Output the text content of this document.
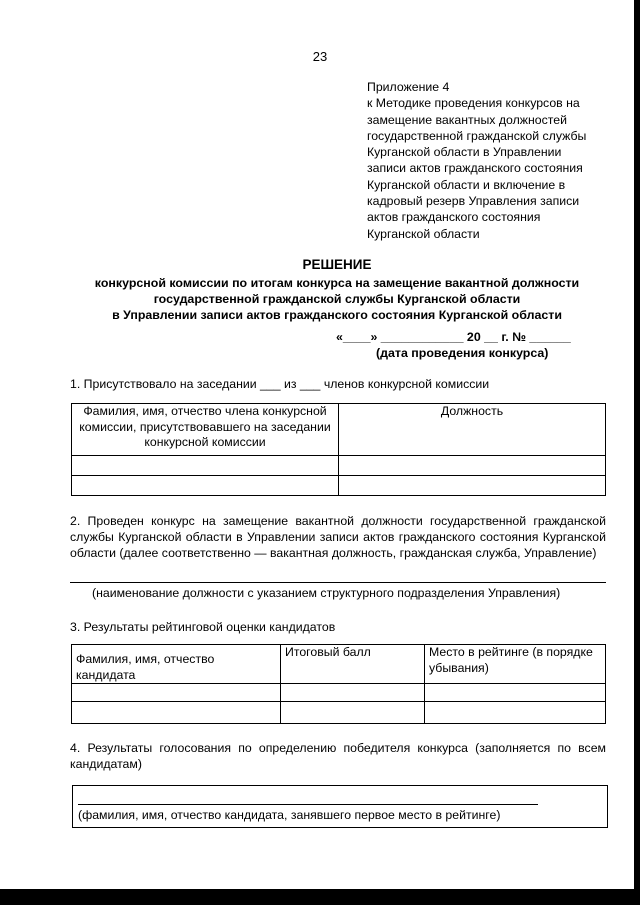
23
Приложение 4
к Методике проведения конкурсов на
замещение вакантных должностей
государственной гражданской службы
Курганской области в Управлении
записи актов гражданского состояния
Курганской области и включение в
кадровый резерв Управления записи
актов гражданского состояния
Курганской области
РЕШЕНИЕ
конкурсной комиссии по итогам конкурса на замещение вакантной должности
государственной гражданской службы Курганской области
в Управлении записи актов гражданского состояния Курганской области
«____» ____________ 20 __ г. № ______
(дата проведения конкурса)
1. Присутствовало на заседании ___ из ___ членов конкурсной комиссии
Фамилия, имя, отчество члена конкурсной комиссии, присутствовавшего на заседании конкурсной комиссии	Должность

2. Проведен конкурс на замещение вакантной должности государственной гражданской службы Курганской области в Управлении записи актов гражданского состояния Курганской области (далее соответственно — вакантная должность, гражданская служба, Управление)
(наименование должности с указанием структурного подразделения Управления)
3. Результаты рейтинговой оценки кандидатов
Фамилия, имя, отчество кандидата	Итоговый балл	Место в рейтинге (в порядке убывания)

4. Результаты голосования по определению победителя конкурса (заполняется по всем кандидатам)
(фамилия, имя, отчество кандидата, занявшего первое место в рейтинге)
